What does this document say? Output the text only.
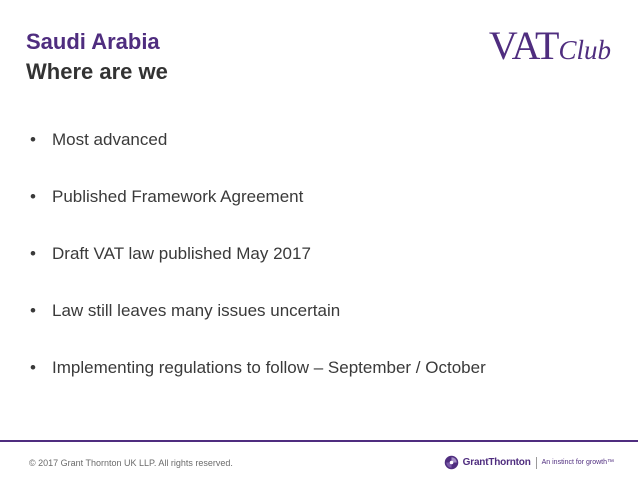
Saudi Arabia
Where are we
VATClub
• Most advanced
• Published Framework Agreement
• Draft VAT law published May 2017
• Law still leaves many issues uncertain
• Implementing regulations to follow – September / October
© 2017 Grant Thornton UK LLP. All rights reserved.	GrantThornton An instinct for growth™
